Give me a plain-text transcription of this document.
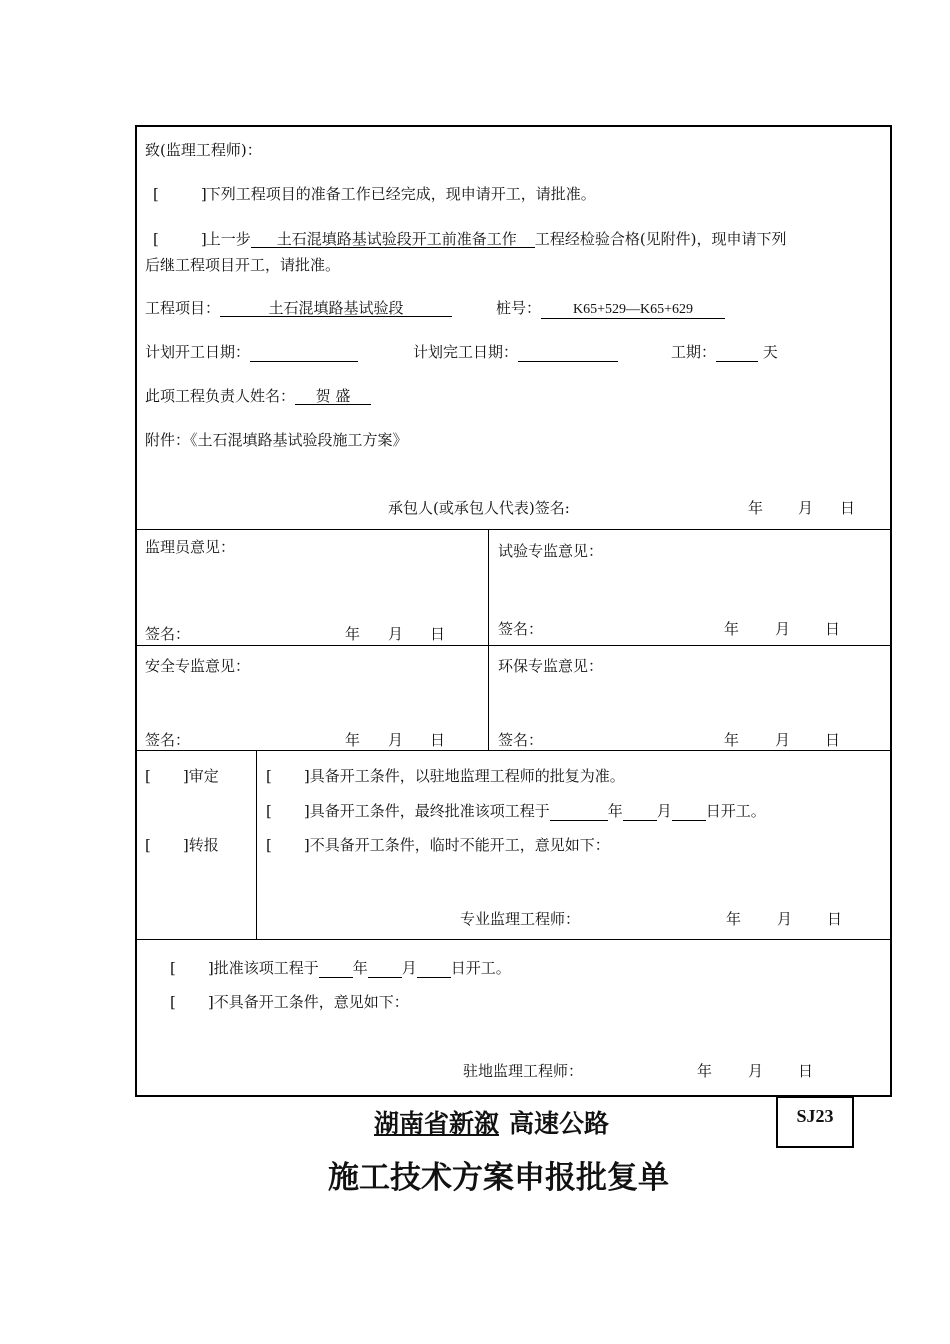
致(监理工程师)：
[	] 下列工程项目的准备工作已经完成，现申请开工，请批准。
[	] 上一步 土石混填路基试验段开工前准备工作 工程经检验合格(见附件)，现申请下列
后继工程项目开工，请批准。
工程项目：	土石混填路基试验段	桩号： K65+529—K65+629
计划开工日期：	计划完工日期：	工期：	天
此项工程负责人姓名： 贺 盛
附件：《土石混填路基试验段施工方案》
承包人(或承包人代表)签名:	年 月 日
监理员意见：	试验专监意见：
签名：	年 月 日	签名：	年 月 日
安全专监意见：	环保专监意见：
签名：	年 月 日	签名：	年 月 日
[ ]审定
[ ]转报
[ ]具备开工条件，以驻地监理工程师的批复为准。
[ ]具备开工条件，最终批准该项工程于	年 月 日开工。
[ ]不具备开工条件，临时不能开工，意见如下：
专业监理工程师：	年 月 日
[ ]批准该项工程于 年 月 日开工。
[ ]不具备开工条件，意见如下：
驻地监理工程师：	年 月 日
湖南省新溆 高速公路	SJ23
施工技术方案申报批复单
